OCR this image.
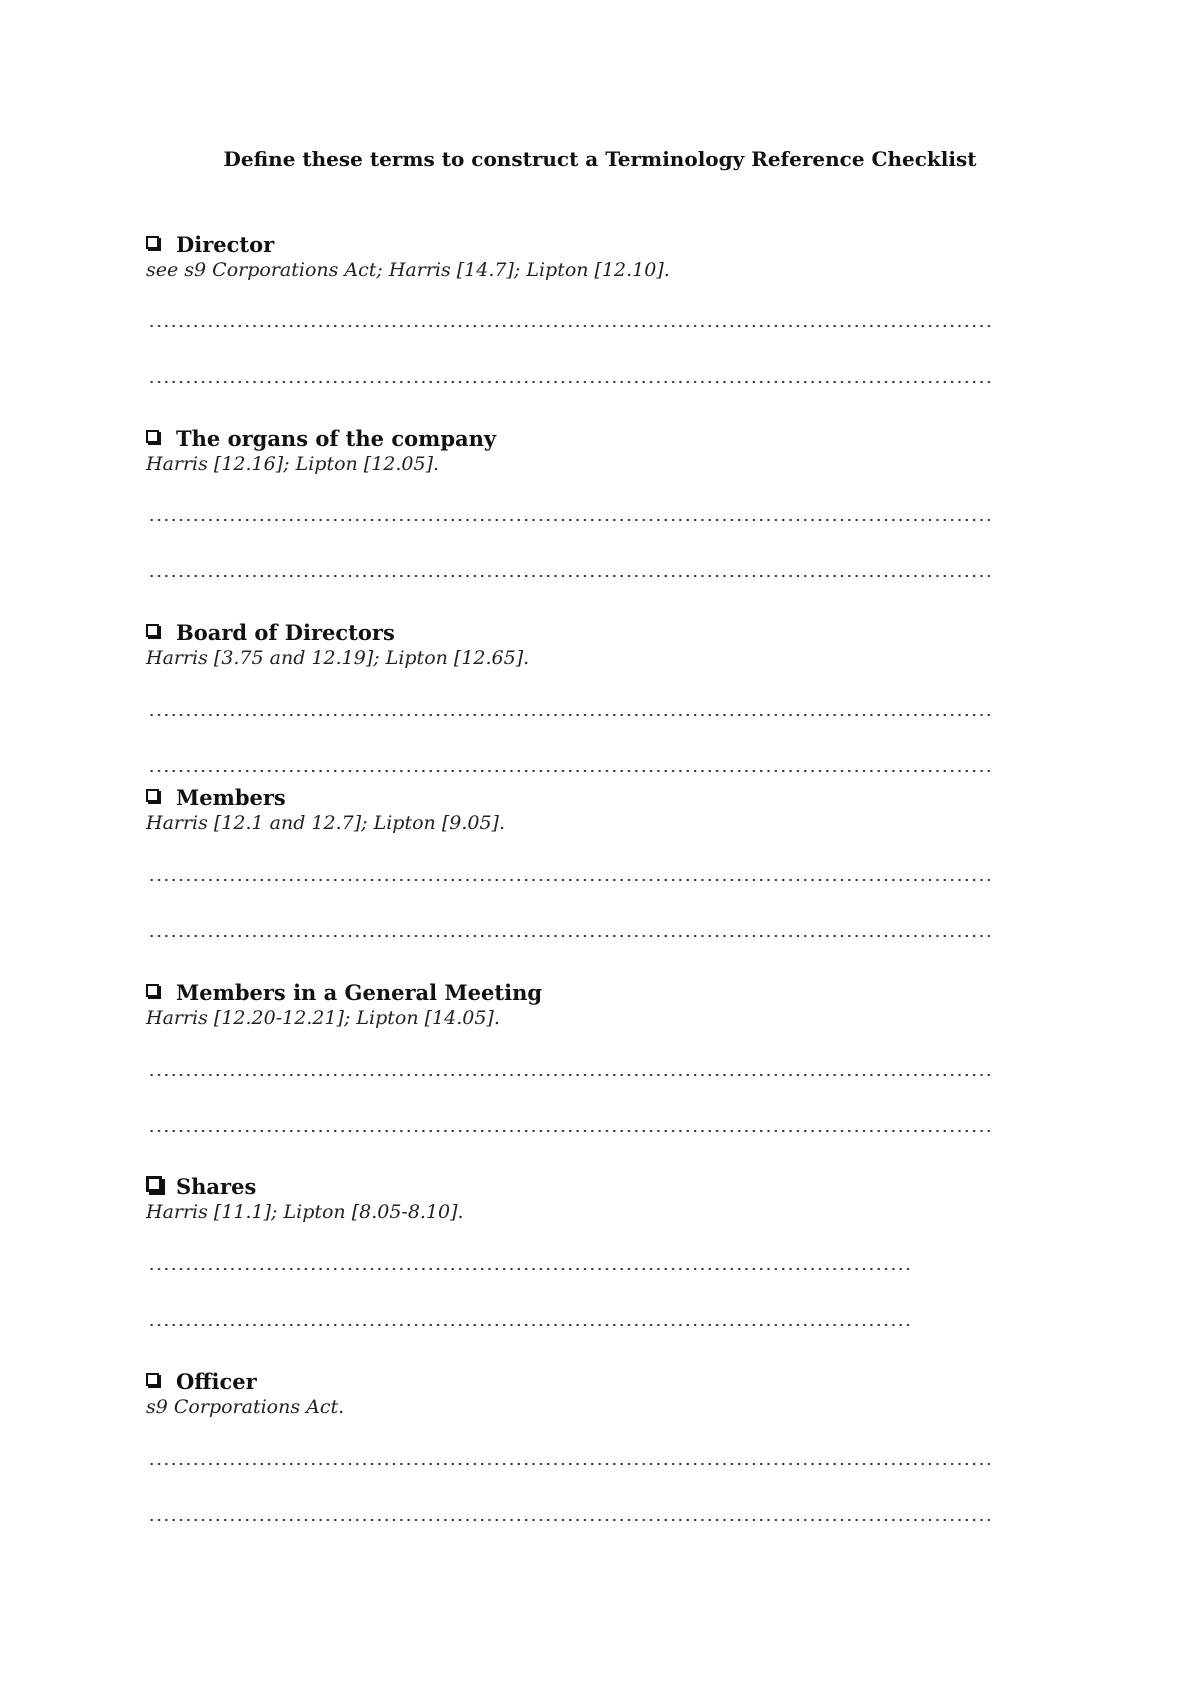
Define these terms to construct a Terminology Reference Checklist
Director
see s9 Corporations Act; Harris [14.7]; Lipton [12.10].
The organs of the company
Harris [12.16]; Lipton [12.05].
Board of Directors
Harris [3.75 and 12.19]; Lipton [12.65].
Members
Harris [12.1 and 12.7]; Lipton [9.05].
Members in a General Meeting
Harris [12.20-12.21]; Lipton [14.05].
Shares
Harris [11.1]; Lipton [8.05-8.10].
Officer
s9 Corporations Act.
